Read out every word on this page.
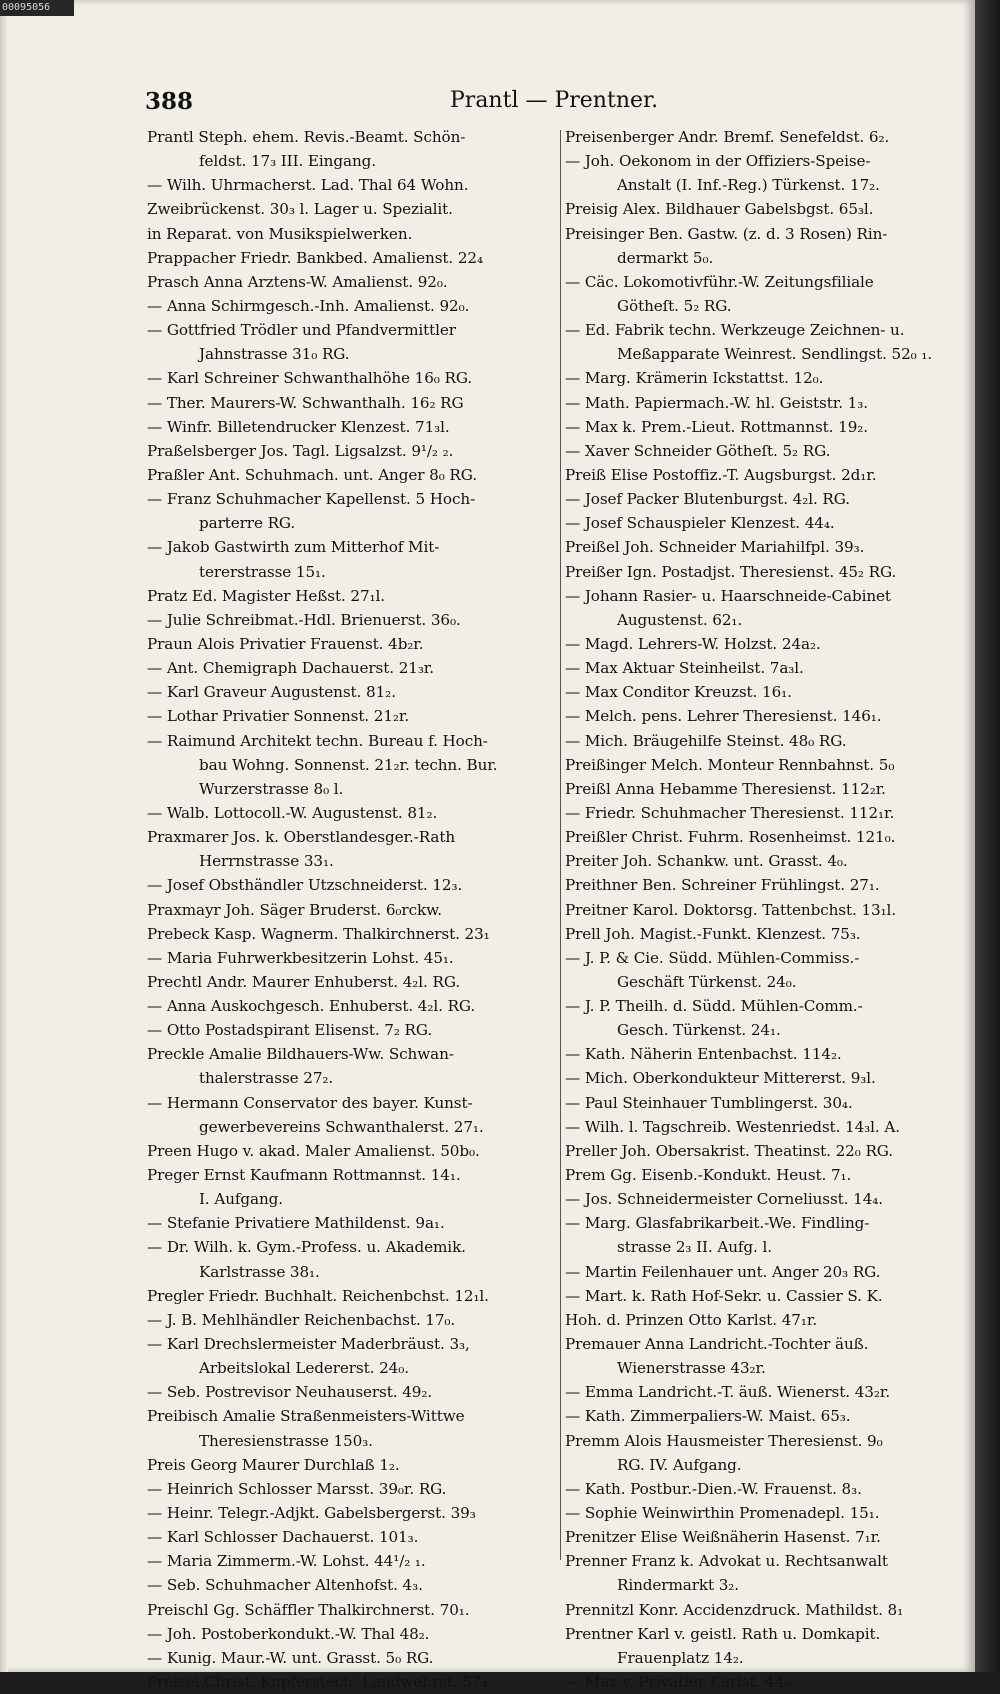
00095056
388	Prantl — Prentner.
Prantl Steph. ehem. Revis.-Beamt. Schön-
feldst. 17₃ III. Eingang.
— Wilh. Uhrmacherst. Lad. Thal 64 Wohn.
Zweibrückenst. 30₃ l. Lager u. Spezialit.
in Reparat. von Musikspielwerken.
Prappacher Friedr. Bankbed. Amalienst. 22₄
Prasch Anna Arztens-W. Amalienst. 92₀.
— Anna Schirmgesch.-Inh. Amalienst. 92₀.
— Gottfried Trödler und Pfandvermittler
Jahnstrasse 31₀ RG.
— Karl Schreiner Schwanthalhöhe 16₀ RG.
— Ther. Maurers-W. Schwanthalh. 16₂ RG
— Winfr. Billetendrucker Klenzest. 71₃l.
Praßelsberger Jos. Tagl. Ligsalzst. 9¹/₂ ₂.
Praßler Ant. Schuhmach. unt. Anger 8₀ RG.
— Franz Schuhmacher Kapellenst. 5 Hoch-
parterre RG.
— Jakob Gastwirth zum Mitterhof Mit-
tererstrasse 15₁.
Pratz Ed. Magister Heßst. 27₁l.
— Julie Schreibmat.-Hdl. Brienuerst. 36₀.
Praun Alois Privatier Frauenst. 4b₂r.
— Ant. Chemigraph Dachauerst. 21₃r.
— Karl Graveur Augustenst. 81₂.
— Lothar Privatier Sonnenst. 21₂r.
— Raimund Architekt techn. Bureau f. Hoch-
bau Wohng. Sonnenst. 21₂r. techn. Bur.
Wurzerstrasse 8₀ l.
— Walb. Lottocoll.-W. Augustenst. 81₂.
Praxmarer Jos. k. Oberstlandesger.-Rath
Herrnstrasse 33₁.
— Josef Obsthändler Utzschneiderst. 12₃.
Praxmayr Joh. Säger Bruderst. 6₀rckw.
Prebeck Kasp. Wagnerm. Thalkirchnerst. 23₁
— Maria Fuhrwerkbesitzerin Lohst. 45₁.
Prechtl Andr. Maurer Enhuberst. 4₂l. RG.
— Anna Auskochgesch. Enhuberst. 4₂l. RG.
— Otto Postadspirant Elisenst. 7₂ RG.
Preckle Amalie Bildhauers-Ww. Schwan-
thalerstrasse 27₂.
— Hermann Conservator des bayer. Kunst-
gewerbevereins Schwanthalerst. 27₁.
Preen Hugo v. akad. Maler Amalienst. 50b₀.
Preger Ernst Kaufmann Rottmannst. 14₁.
I. Aufgang.
— Stefanie Privatiere Mathildenst. 9a₁.
— Dr. Wilh. k. Gym.-Profess. u. Akademik.
Karlstrasse 38₁.
Pregler Friedr. Buchhalt. Reichenbchst. 12₁l.
— J. B. Mehlhändler Reichenbachst. 17₀.
— Karl Drechslermeister Maderbräust. 3₃,
Arbeitslokal Ledererst. 24₀.
— Seb. Postrevisor Neuhauserst. 49₂.
Preibisch Amalie Straßenmeisters-Wittwe
Theresienstrasse 150₃.
Preis Georg Maurer Durchlaß 1₂.
— Heinrich Schlosser Marsst. 39₀r. RG.
— Heinr. Telegr.-Adjkt. Gabelsbergerst. 39₃
— Karl Schlosser Dachauerst. 101₃.
— Maria Zimmerm.-W. Lohst. 44¹/₂ ₁.
— Seb. Schuhmacher Altenhofst. 4₃.
Preischl Gg. Schäffler Thalkirchnerst. 70₁.
— Joh. Postoberkondukt.-W. Thal 48₂.
— Kunig. Maur.-W. unt. Grasst. 5₀ RG.
Preisel Christ. Kupferstech. Landwehrst. 57₄.
Preisenberger Andr. Bremf. Senefeldst. 6₂.
— Joh. Oekonom in der Offiziers-Speise-
Anstalt (I. Inf.-Reg.) Türkenst. 17₂.
Preisig Alex. Bildhauer Gabelsbgst. 65₃l.
Preisinger Ben. Gastw. (z. d. 3 Rosen) Rin-
dermarkt 5₀.
— Cäc. Lokomotivführ.-W. Zeitungsfiliale
Götheſt. 5₂ RG.
— Ed. Fabrik techn. Werkzeuge Zeichnen- u.
Meßapparate Weinrest. Sendlingst. 52₀ ₁.
— Marg. Krämerin Ickstattst. 12₀.
— Math. Papiermach.-W. hl. Geiststr. 1₃.
— Max k. Prem.-Lieut. Rottmannst. 19₂.
— Xaver Schneider Götheſt. 5₂ RG.
Preiß Elise Postoffiz.-T. Augsburgst. 2d₁r.
— Josef Packer Blutenburgst. 4₂l. RG.
— Josef Schauspieler Klenzest. 44₄.
Preißel Joh. Schneider Mariahilfpl. 39₃.
Preißer Ign. Postadjst. Theresienst. 45₂ RG.
— Johann Rasier- u. Haarschneide-Cabinet
Augustenst. 62₁.
— Magd. Lehrers-W. Holzst. 24a₂.
— Max Aktuar Steinheilst. 7a₃l.
— Max Conditor Kreuzst. 16₁.
— Melch. pens. Lehrer Theresienst. 146₁.
— Mich. Bräugehilfe Steinst. 48₀ RG.
Preißinger Melch. Monteur Rennbahnst. 5₀
Preißl Anna Hebamme Theresienst. 112₂r.
— Friedr. Schuhmacher Theresienst. 112₁r.
Preißler Christ. Fuhrm. Rosenheimst. 121₀.
Preiter Joh. Schankw. unt. Grasst. 4₀.
Preithner Ben. Schreiner Frühlingst. 27₁.
Preitner Karol. Doktorsg. Tattenbchst. 13₁l.
Prell Joh. Magist.-Funkt. Klenzest. 75₃.
— J. P. & Cie. Südd. Mühlen-Commiss.-
Geschäft Türkenst. 24₀.
— J. P. Theilh. d. Südd. Mühlen-Comm.-
Gesch. Türkenst. 24₁.
— Kath. Näherin Entenbachst. 114₂.
— Mich. Oberkondukteur Mittererst. 9₃l.
— Paul Steinhauer Tumblingerst. 30₄.
— Wilh. l. Tagschreib. Westenriedst. 14₃l. A.
Preller Joh. Obersakrist. Theatinst. 22₀ RG.
Prem Gg. Eisenb.-Kondukt. Heust. 7₁.
— Jos. Schneidermeister Corneliusst. 14₄.
— Marg. Glasfabrikarbeit.-We. Findling-
strasse 2₃ II. Aufg. l.
— Martin Feilenhauer unt. Anger 20₃ RG.
— Mart. k. Rath Hof-Sekr. u. Cassier S. K.
Hoh. d. Prinzen Otto Karlst. 47₁r.
Premauer Anna Landricht.-Tochter äuß.
Wienerstrasse 43₂r.
— Emma Landricht.-T. äuß. Wienerst. 43₂r.
— Kath. Zimmerpaliers-W. Maist. 65₃.
Premm Alois Hausmeister Theresienst. 9₀
RG. IV. Aufgang.
— Kath. Postbur.-Dien.-W. Frauenst. 8₃.
— Sophie Weinwirthin Promenadepl. 15₁.
Prenitzer Elise Weißnäherin Hasenst. 7₁r.
Prenner Franz k. Advokat u. Rechtsanwalt
Rindermarkt 3₂.
Prennitzl Konr. Accidenzdruck. Mathildst. 8₁
Prentner Karl v. geistl. Rath u. Domkapit.
Frauenplatz 14₂.
— Max v. Privatier Karlst. 44₀.
